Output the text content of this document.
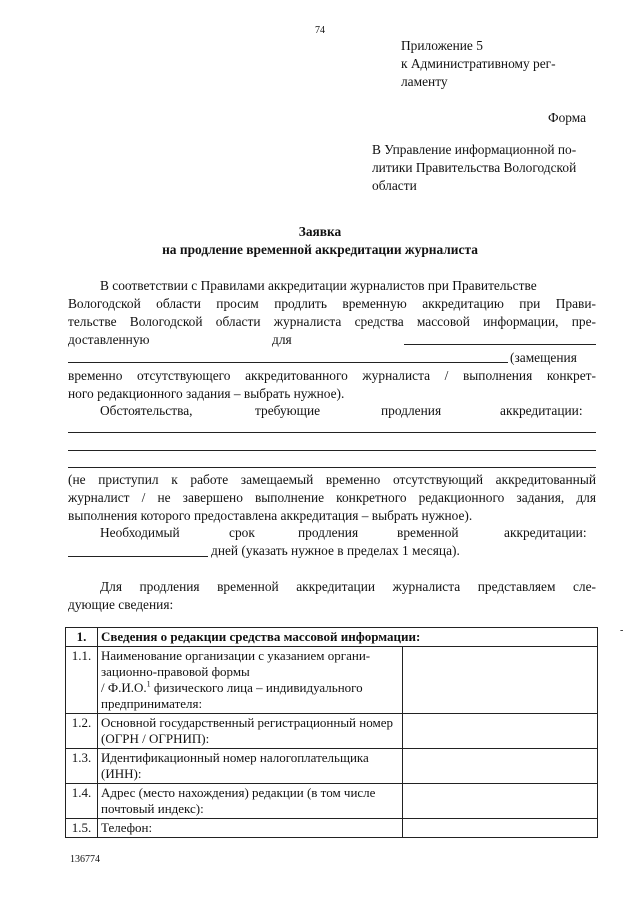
74
Приложение 5
к Административному рег-
ламенту
Форма
В Управление информационной по-
литики Правительства Вологодской
области
Заявка
на продление временной аккредитации журналиста
В соответствии с Правилами аккредитации журналистов при Правительстве
Вологодской области просим продлить временную аккредитацию при Прави-
тельстве Вологодской области журналиста средства массовой информации, пре-
доставленную	для
(замещения
временно отсутствующего аккредитованного журналиста / выполнения конкрет-
ного редакционного задания – выбрать нужное).
Обстоятельства,	требующие	продления	аккредитации:
(не приступил к работе замещаемый временно отсутствующий аккредитованный
журналист / не завершено выполнение конкретного редакционного задания, для
выполнения которого предоставлена аккредитация – выбрать нужное).
Необходимый	срок	продления	временной	аккредитации:
дней (указать нужное в пределах 1 месяца).
Для продления временной аккредитации журналиста представляем сле-
дующие сведения:
-
1.	Сведения о редакции средства массовой информации:	
1.1.	Наименование организации с указанием органи-
зационно-правовой формы
/ Ф.И.О.$^1$ физического лица – индивидуального
предпринимателя:	
1.2.	Основной государственный регистрационный номер (ОГРН / ОГРНИП):	
1.3.	Идентификационный номер налогоплательщика (ИНН):	
1.4.	Адрес (место нахождения) редакции (в том числе почтовый индекс):	
1.5.	Телефон:	
136774
